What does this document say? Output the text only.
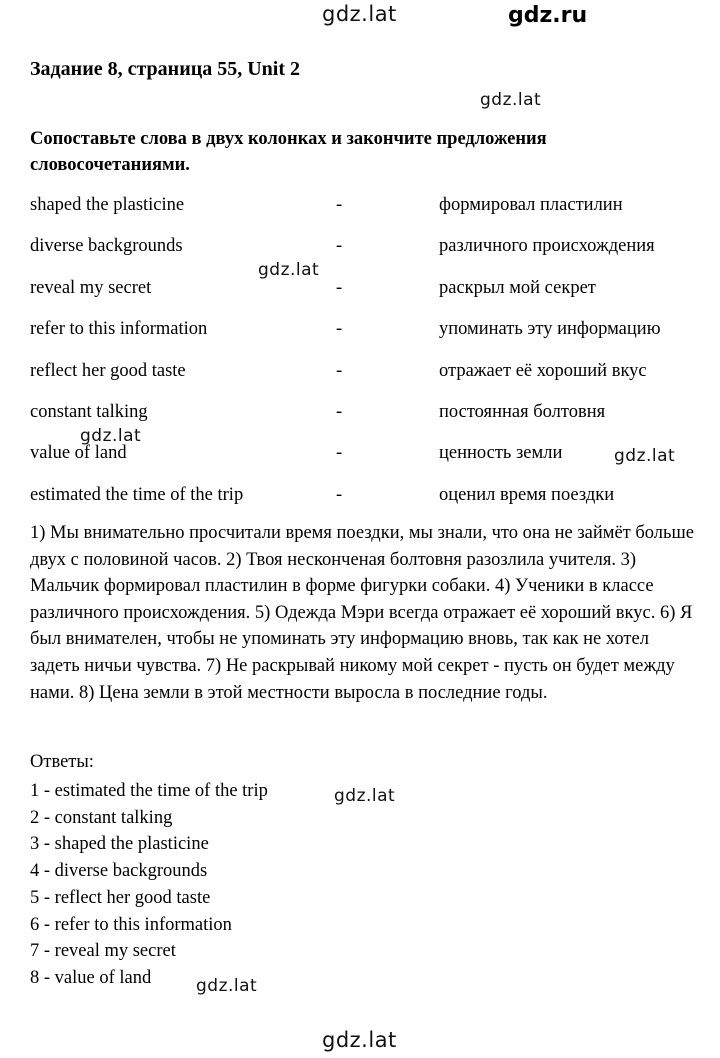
gdz.lat	gdz.ru
Задание 8, страница 55, Unit 2
gdz.lat
Сопоставьте слова в двух колонках и закончите предложения словосочетаниями.
shaped the plasticine	-	формировал пластилин
diverse backgrounds	-	различного происхождения
reveal my secret	-	раскрыл мой секрет
refer to this information	-	упоминать эту информацию
reflect her good taste	-	отражает её хороший вкус
constant talking	-	постоянная болтовня
value of land	-	ценность земли
estimated the time of the trip	-	оценил время поездки
gdz.lat
gdz.lat
gdz.lat
1) Мы внимательно просчитали время поездки, мы знали, что она не займёт больше двух с половиной часов. 2) Твоя несконченая болтовня разозлила учителя. 3) Мальчик формировал пластилин в форме фигурки собаки. 4) Ученики в классе различного происхождения. 5) Одежда Мэри всегда отражает её хороший вкус. 6) Я был внимателен, чтобы не упоминать эту информацию вновь, так как не хотел задеть ничьи чувства. 7) Не раскрывай никому мой секрет - пусть он будет между нами. 8) Цена земли в этой местности выросла в последние годы.
Ответы:
1 - estimated the time of the trip
2 - constant talking
3 - shaped the plasticine
4 - diverse backgrounds
5 - reflect her good taste
6 - refer to this information
7 - reveal my secret
8 - value of land
gdz.lat
gdz.lat
gdz.lat
